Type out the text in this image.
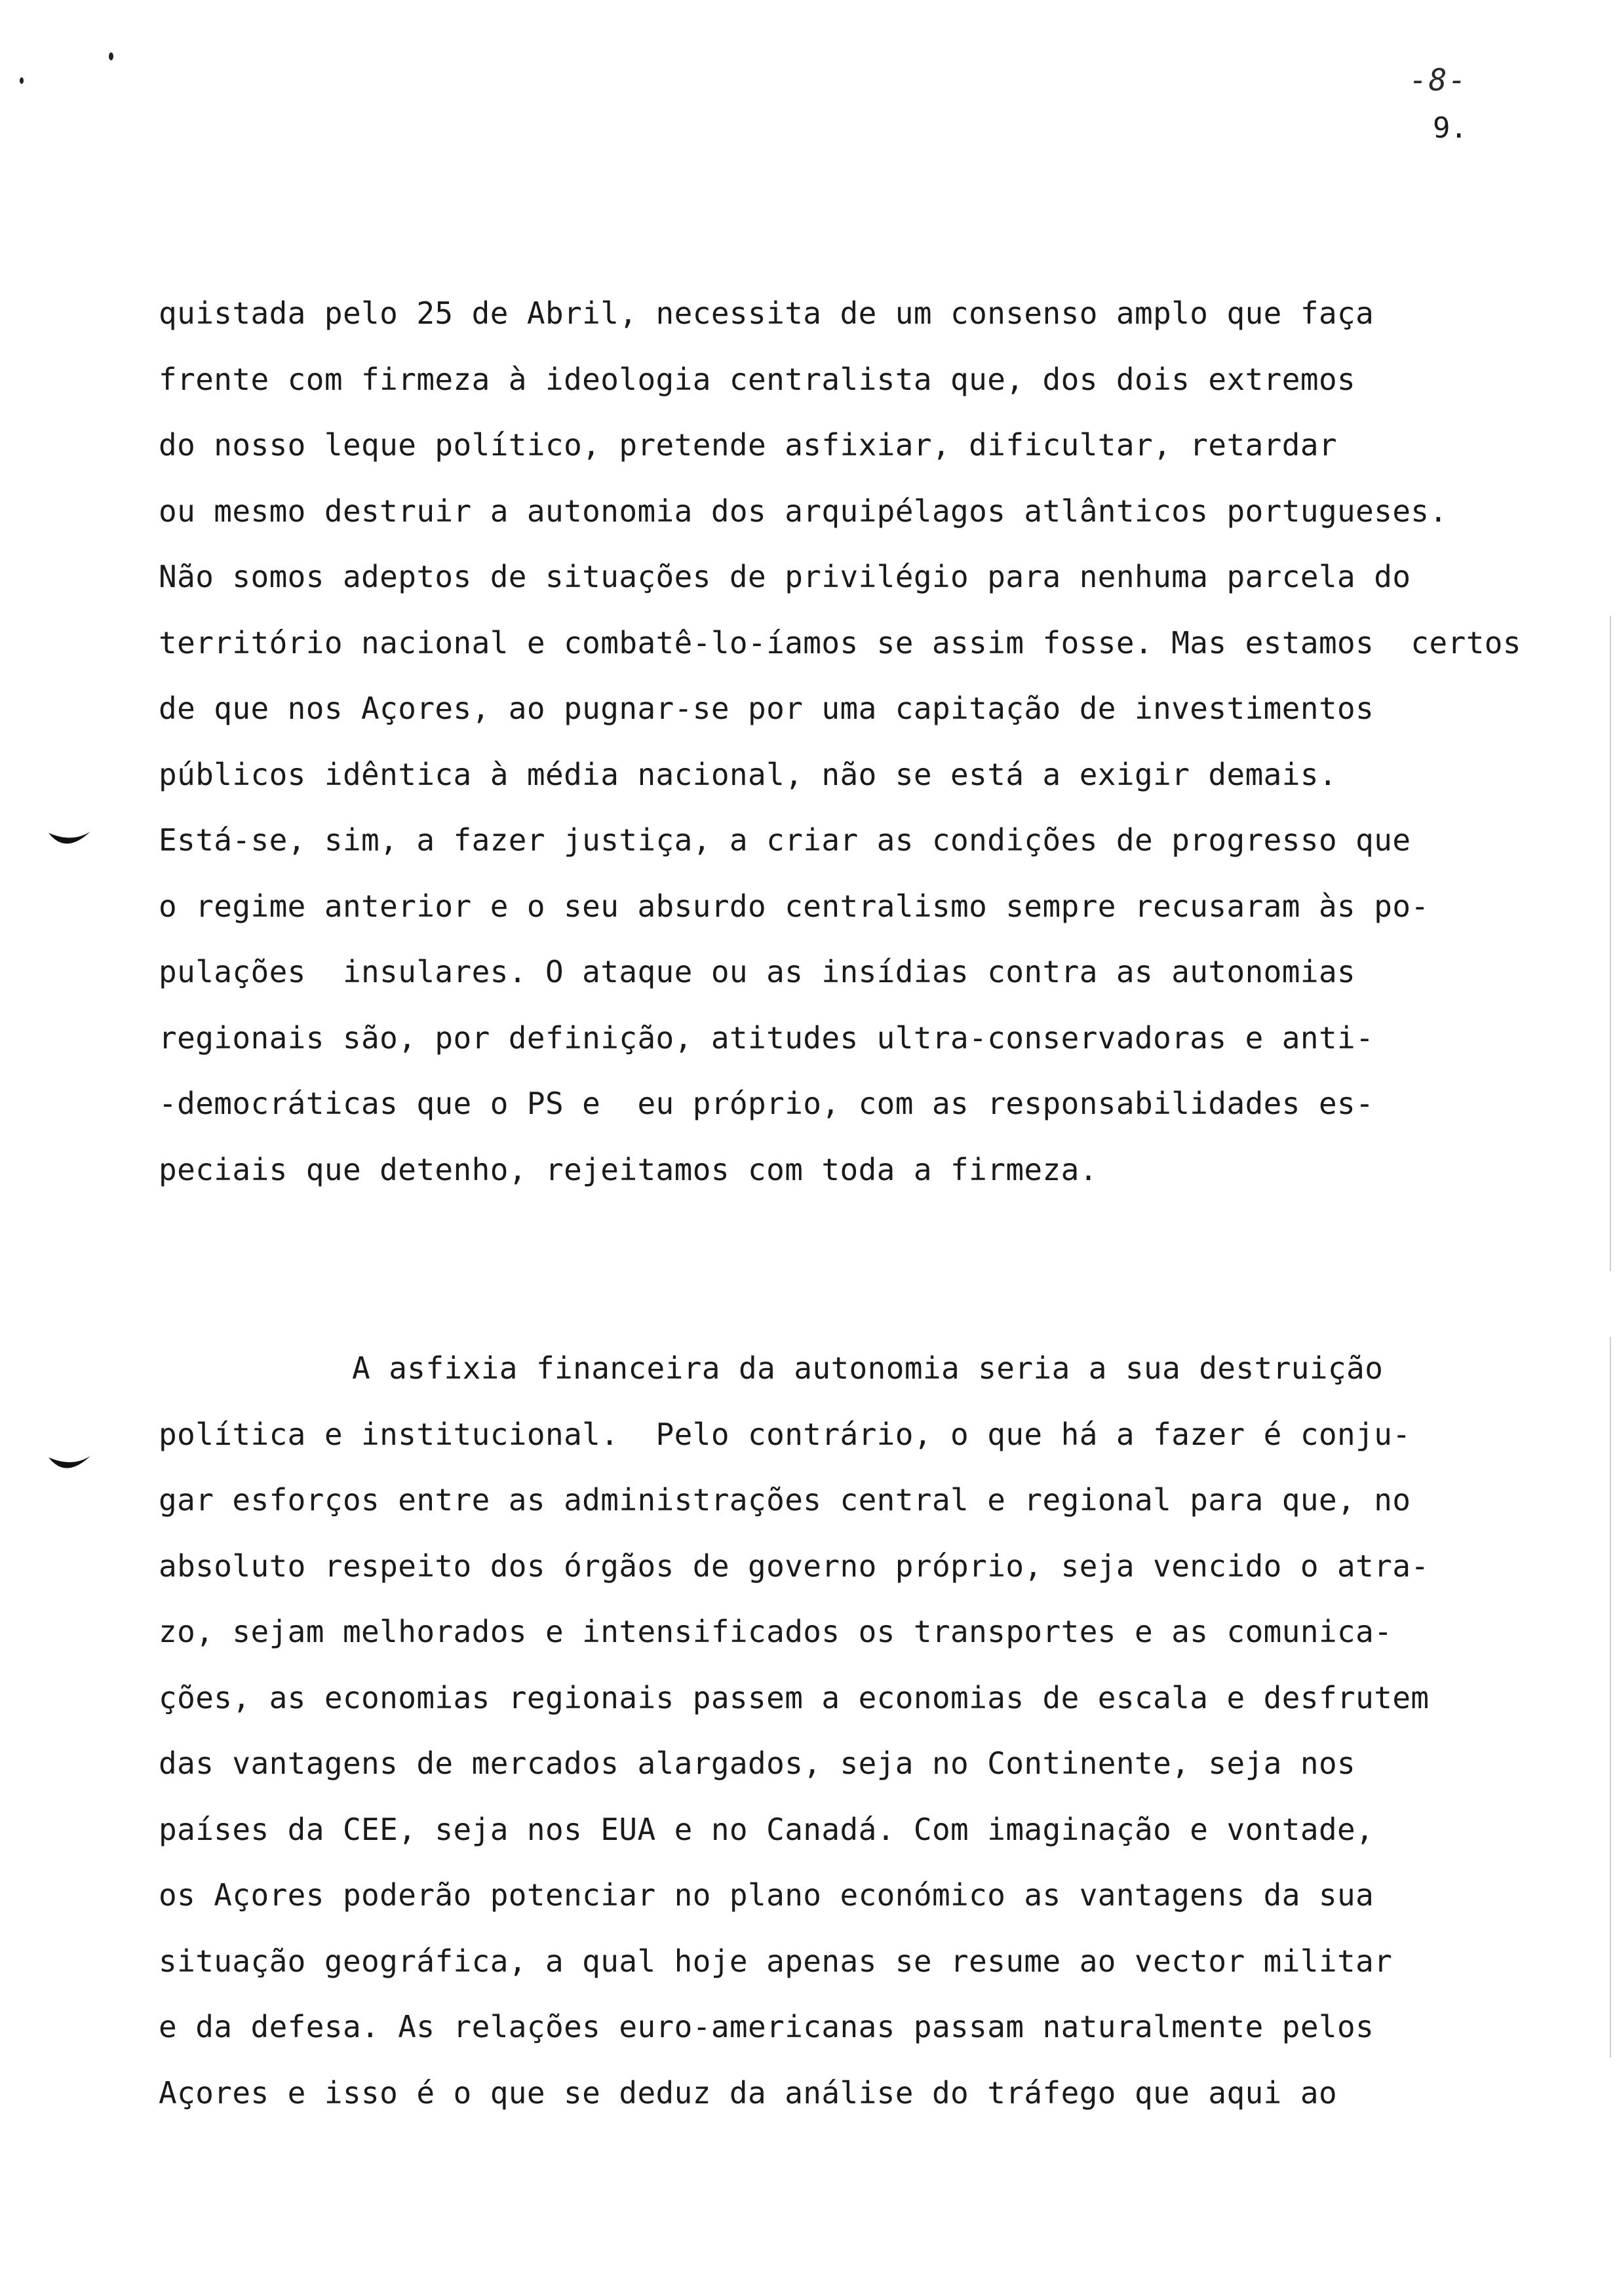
-8-
9.
quistada pelo 25 de Abril, necessita de um consenso amplo que faça
frente com firmeza à ideologia centralista que, dos dois extremos
do nosso leque político, pretende asfixiar, dificultar, retardar
ou mesmo destruir a autonomia dos arquipélagos atlânticos portugueses.
Não somos adeptos de situações de privilégio para nenhuma parcela do
território nacional e combatê-lo-íamos se assim fosse. Mas estamos  certos
de que nos Açores, ao pugnar-se por uma capitação de investimentos
públicos idêntica à média nacional, não se está a exigir demais.
Está-se, sim, a fazer justiça, a criar as condições de progresso que
o regime anterior e o seu absurdo centralismo sempre recusaram às po-
pulações  insulares. O ataque ou as insídias contra as autonomias
regionais são, por definição, atitudes ultra-conservadoras e anti-
-democráticas que o PS e  eu próprio, com as responsabilidades es-
peciais que detenho, rejeitamos com toda a firmeza.
A asfixia financeira da autonomia seria a sua destruição
política e institucional.  Pelo contrário, o que há a fazer é conju-
gar esforços entre as administrações central e regional para que, no
absoluto respeito dos órgãos de governo próprio, seja vencido o atra-
zo, sejam melhorados e intensificados os transportes e as comunica-
ções, as economias regionais passem a economias de escala e desfrutem
das vantagens de mercados alargados, seja no Continente, seja nos
países da CEE, seja nos EUA e no Canadá. Com imaginação e vontade,
os Açores poderão potenciar no plano económico as vantagens da sua
situação geográfica, a qual hoje apenas se resume ao vector militar
e da defesa. As relações euro-americanas passam naturalmente pelos
Açores e isso é o que se deduz da análise do tráfego que aqui ao
